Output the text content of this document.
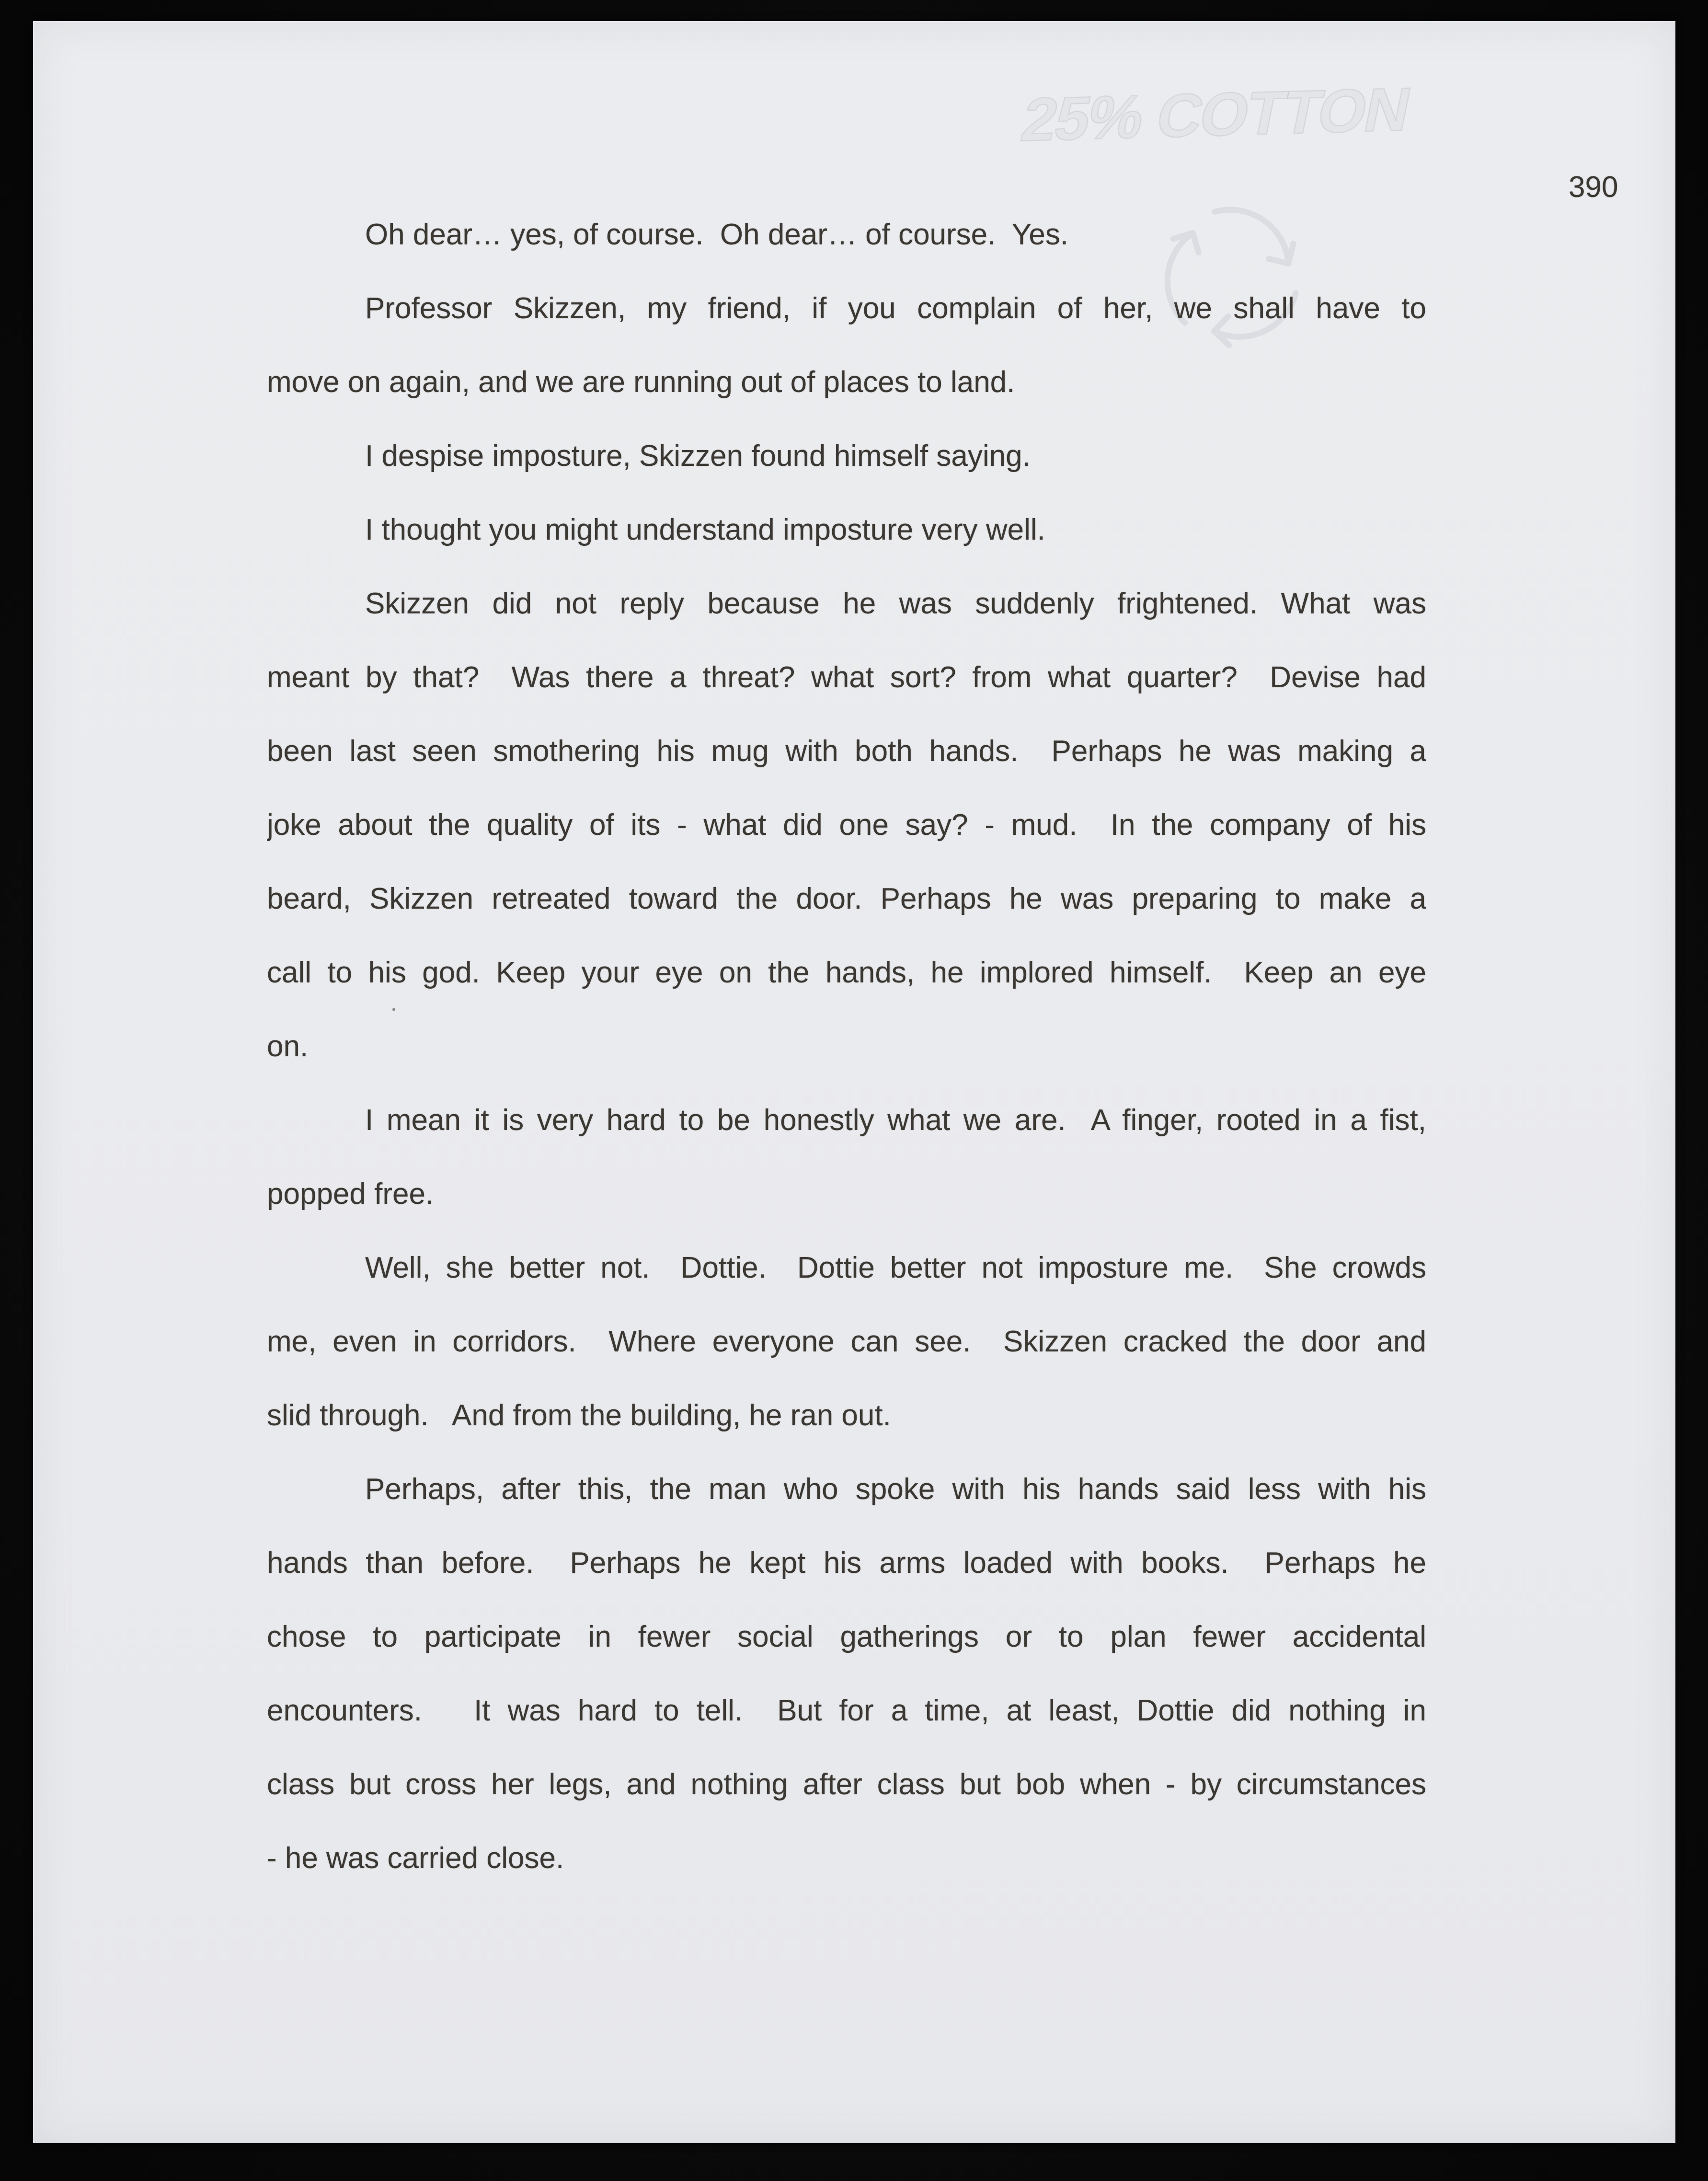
25% COTTON
390
Oh dear… yes, of course.  Oh dear… of course.  Yes.
Professor Skizzen, my friend, if you complain of her, we shall have to
move on again, and we are running out of places to land.
I despise imposture, Skizzen found himself saying.
I thought you might understand imposture very well.
Skizzen did not reply because he was suddenly frightened. What was
meant by that?  Was there a threat? what sort? from what quarter?  Devise had
been last seen smothering his mug with both hands.  Perhaps he was making a
joke about the quality of its - what did one say? - mud.  In the company of his
beard, Skizzen retreated toward the door. Perhaps he was preparing to make a
call to his god. Keep your eye on the hands, he implored himself.  Keep an eye
on.
I mean it is very hard to be honestly what we are.  A finger, rooted in a fist,
popped free.
Well, she better not.  Dottie.  Dottie better not imposture me.  She crowds
me, even in corridors.  Where everyone can see.  Skizzen cracked the door and
slid through.   And from the building, he ran out.
Perhaps, after this, the man who spoke with his hands said less with his
hands than before.  Perhaps he kept his arms loaded with books.  Perhaps he
chose to participate in fewer social gatherings or to plan fewer accidental
encounters.   It was hard to tell.  But for a time, at least, Dottie did nothing in
class but cross her legs, and nothing after class but bob when - by circumstances
- he was carried close.
